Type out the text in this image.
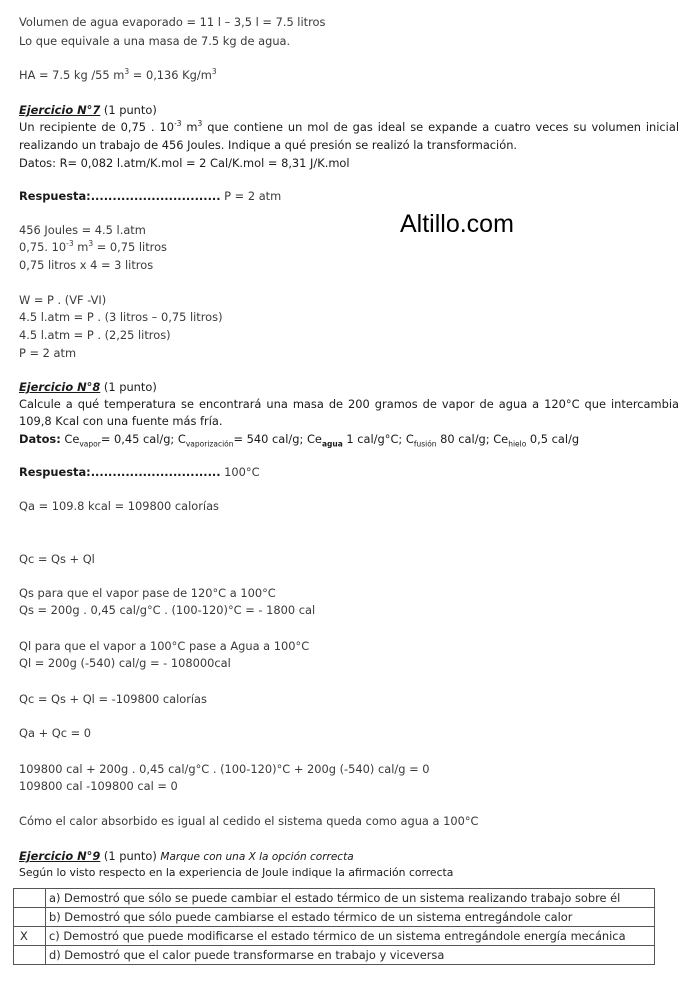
Volumen de agua evaporado = 11 l – 3,5 l = 7.5 litros
Lo que equivale a una masa de 7.5 kg de agua.
HA = 7.5 kg /55 $m^3 = 0,136$ $Kg/m^3$
Ejercicio N°7 (1 punto)
Un recipiente de 0,75 . $10^{-3}$ $m^3$ que contiene un mol de gas ideal se expande a cuatro veces su volumen inicial
realizando un trabajo de 456 Joules. Indique a qué presión se realizó la transformación.
Datos: R= 0,082 l.atm/K.mol = 2 Cal/K.mol = 8,31 J/K.mol
Respuesta:.............................. P = 2 atm
456 Joules = 4.5 l.atm
0,75. $10^{-3}$ $m^3 = 0,75$ litros
0,75 litros x 4 = 3 litros
W = P . (VF -VI)
4.5 l.atm = P . (3 litros – 0,75 litros)
4.5 l.atm = P . (2,25 litros)
P = 2 atm
Altillo.com
Ejercicio N°8 (1 punto)
Calcule a qué temperatura se encontrará una masa de 200 gramos de vapor de agua a 120°C que intercambia
109,8 Kcal con una fuente más fría.
Datos: $Ce_{vapor}= 0,45$ cal/g; $C_{vaporización}= 540$ cal/g; $Ce_{agua}$ 1 cal/g°C; $C_{fusión}$ 80 cal/g; $Ce_{hielo}$ 0,5 cal/g
Respuesta:.............................. 100°C
Qa = 109.8 kcal = 109800 calorías
Qc = Qs + Ql
Qs para que el vapor pase de 120°C a 100°C
Qs = 200g . 0,45 cal/g°C . (100-120)°C = - 1800 cal
Ql para que el vapor a 100°C pase a Agua a 100°C
Ql = 200g (-540) cal/g = - 108000cal
Qc = Qs + Ql = -109800 calorías
Qa + Qc = 0
109800 cal + 200g . 0,45 cal/g°C . (100-120)°C + 200g (-540) cal/g = 0
109800 cal -109800 cal = 0
Cómo el calor absorbido es igual al cedido el sistema queda como agua a 100°C
Ejercicio N°9 (1 punto) Marque con una X la opción correcta
Según lo visto respecto en la experiencia de Joule indique la afirmación correcta
	a) Demostró que sólo se puede cambiar el estado térmico de un sistema realizando trabajo sobre él
	b) Demostró que sólo puede cambiarse el estado térmico de un sistema entregándole calor
X	c) Demostró que puede modificarse el estado térmico de un sistema entregándole energía mecánica
	d) Demostró que el calor puede transformarse en trabajo y viceversa
